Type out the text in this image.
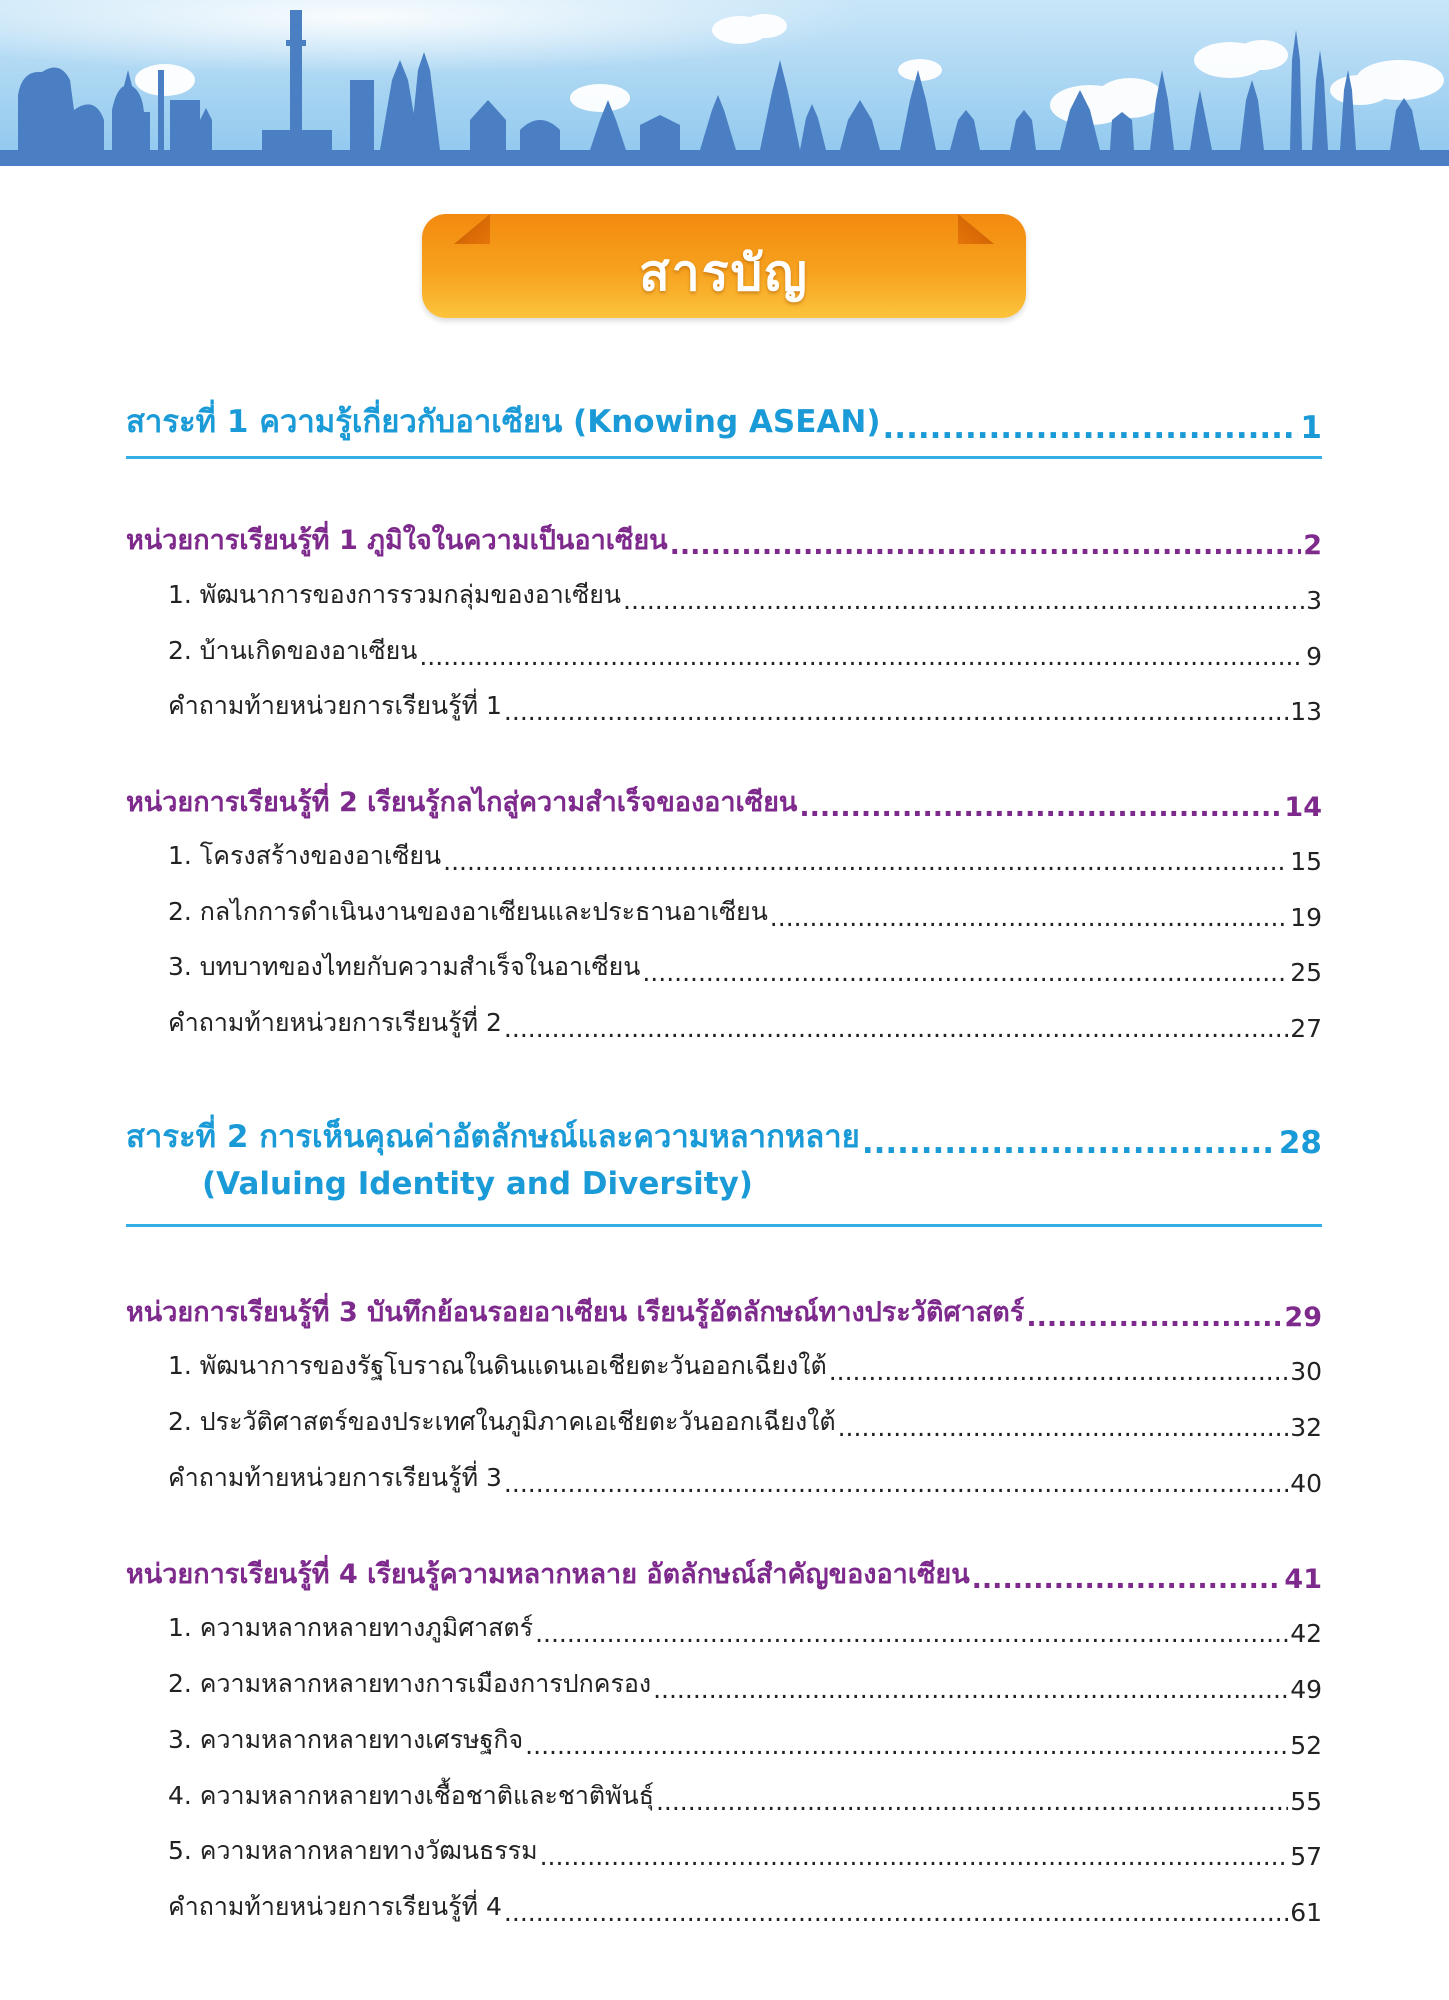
สารบัญ
สาระที่ 1 ความรู้เกี่ยวกับอาเซียน (Knowing ASEAN) .....	1
หน่วยการเรียนรู้ที่ 1 ภูมิใจในความเป็นอาเซียน .....	2
1. พัฒนาการของการรวมกลุ่มของอาเซียน .....	3
2. บ้านเกิดของอาเซียน .....	9
คำถามท้ายหน่วยการเรียนรู้ที่ 1 .....	13
หน่วยการเรียนรู้ที่ 2 เรียนรู้กลไกสู่ความสำเร็จของอาเซียน .....	14
1. โครงสร้างของอาเซียน .....	15
2. กลไกการดำเนินงานของอาเซียนและประธานอาเซียน .....	19
3. บทบาทของไทยกับความสำเร็จในอาเซียน .....	25
คำถามท้ายหน่วยการเรียนรู้ที่ 2 .....	27
สาระที่ 2 การเห็นคุณค่าอัตลักษณ์และความหลากหลาย .....	28
(Valuing Identity and Diversity)
หน่วยการเรียนรู้ที่ 3 บันทึกย้อนรอยอาเซียน เรียนรู้อัตลักษณ์ทางประวัติศาสตร์ .....	29
1. พัฒนาการของรัฐโบราณในดินแดนเอเชียตะวันออกเฉียงใต้ .....	30
2. ประวัติศาสตร์ของประเทศในภูมิภาคเอเชียตะวันออกเฉียงใต้ .....	32
คำถามท้ายหน่วยการเรียนรู้ที่ 3 .....	40
หน่วยการเรียนรู้ที่ 4 เรียนรู้ความหลากหลาย อัตลักษณ์สำคัญของอาเซียน .....	41
1. ความหลากหลายทางภูมิศาสตร์ .....	42
2. ความหลากหลายทางการเมืองการปกครอง .....	49
3. ความหลากหลายทางเศรษฐกิจ .....	52
4. ความหลากหลายทางเชื้อชาติและชาติพันธุ์ .....	55
5. ความหลากหลายทางวัฒนธรรม .....	57
คำถามท้ายหน่วยการเรียนรู้ที่ 4 .....	61
